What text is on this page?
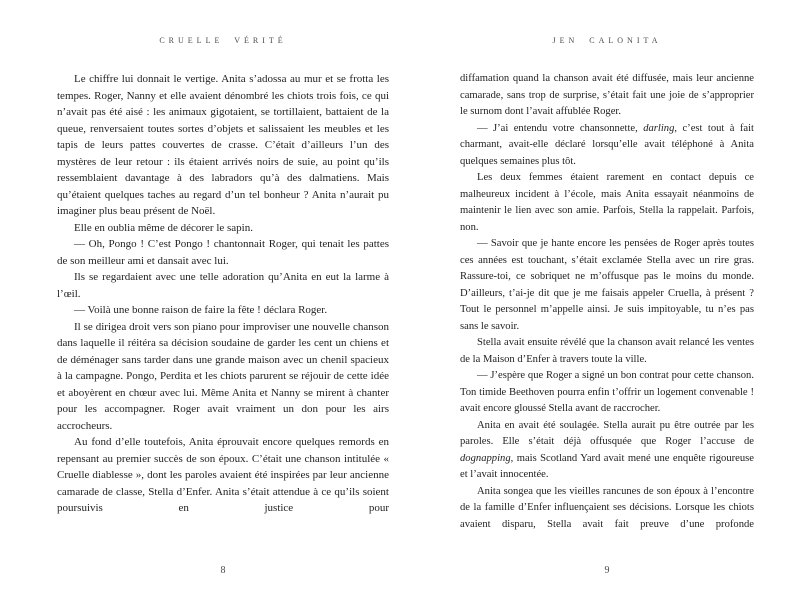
CRUELLE VÉRITÉ

Le chiffre lui donnait le vertige. Anita s’adossa au mur et se frotta les tempes. Roger, Nanny et elle avaient dénombré les chiots trois fois, ce qui n’avait pas été aisé : les animaux gigotaient, se tortillaient, battaient de la queue, renversaient toutes sortes d’objets et salissaient les meubles et les tapis de leurs pattes couvertes de crasse. C’était d’ailleurs l’un des mystères de leur retour : ils étaient arrivés noirs de suie, au point qu’ils ressemblaient davantage à des labradors qu’à des dalmatiens. Mais qu’étaient quelques taches au regard d’un tel bonheur ? Anita n’aurait pu imaginer plus beau présent de Noël.

Elle en oublia même de décorer le sapin.

— Oh, Pongo ! C’est Pongo ! chantonnait Roger, qui tenait les pattes de son meilleur ami et dansait avec lui.

Ils se regardaient avec une telle adoration qu’Anita en eut la larme à l’œil.

— Voilà une bonne raison de faire la fête ! déclara Roger.

Il se dirigea droit vers son piano pour improviser une nouvelle chanson dans laquelle il réitéra sa décision soudaine de garder les cent un chiens et de déménager sans tarder dans une grande maison avec un chenil spacieux à la campagne. Pongo, Perdita et les chiots parurent se réjouir de cette idée et aboyèrent en chœur avec lui. Même Anita et Nanny se mirent à chanter pour les accompagner. Roger avait vraiment un don pour les airs accrocheurs.

Au fond d’elle toutefois, Anita éprouvait encore quelques remords en repensant au premier succès de son époux. C’était une chanson intitulée « Cruelle diablesse », dont les paroles avaient été inspirées par leur ancienne camarade de classe, Stella d’Enfer. Anita s’était attendue à ce qu’ils soient poursuivis en justice pour

8
JEN CALONITA

diffamation quand la chanson avait été diffusée, mais leur ancienne camarade, sans trop de surprise, s’était fait une joie de s’approprier le surnom dont l’avait affublée Roger.

— J’ai entendu votre chansonnette, darling, c’est tout à fait charmant, avait-elle déclaré lorsqu’elle avait téléphoné à Anita quelques semaines plus tôt.

Les deux femmes étaient rarement en contact depuis ce malheureux incident à l’école, mais Anita essayait néanmoins de maintenir le lien avec son amie. Parfois, Stella la rappelait. Parfois, non.

— Savoir que je hante encore les pensées de Roger après toutes ces années est touchant, s’était exclamée Stella avec un rire gras. Rassure-toi, ce sobriquet ne m’offusque pas le moins du monde. D’ailleurs, t’ai-je dit que je me faisais appeler Cruella, à présent ? Tout le personnel m’appelle ainsi. Je suis impitoyable, tu n’es pas sans le savoir.

Stella avait ensuite révélé que la chanson avait relancé les ventes de la Maison d’Enfer à travers toute la ville.

— J’espère que Roger a signé un bon contrat pour cette chanson. Ton timide Beethoven pourra enfin t’offrir un logement convenable ! avait encore gloussé Stella avant de raccrocher.

Anita en avait été soulagée. Stella aurait pu être outrée par les paroles. Elle s’était déjà offusquée que Roger l’accuse de dognapping, mais Scotland Yard avait mené une enquête rigoureuse et l’avait innocentée.

Anita songea que les vieilles rancunes de son époux à l’encontre de la famille d’Enfer influençaient ses décisions. Lorsque les chiots avaient disparu, Stella avait fait preuve d’une profonde

9
